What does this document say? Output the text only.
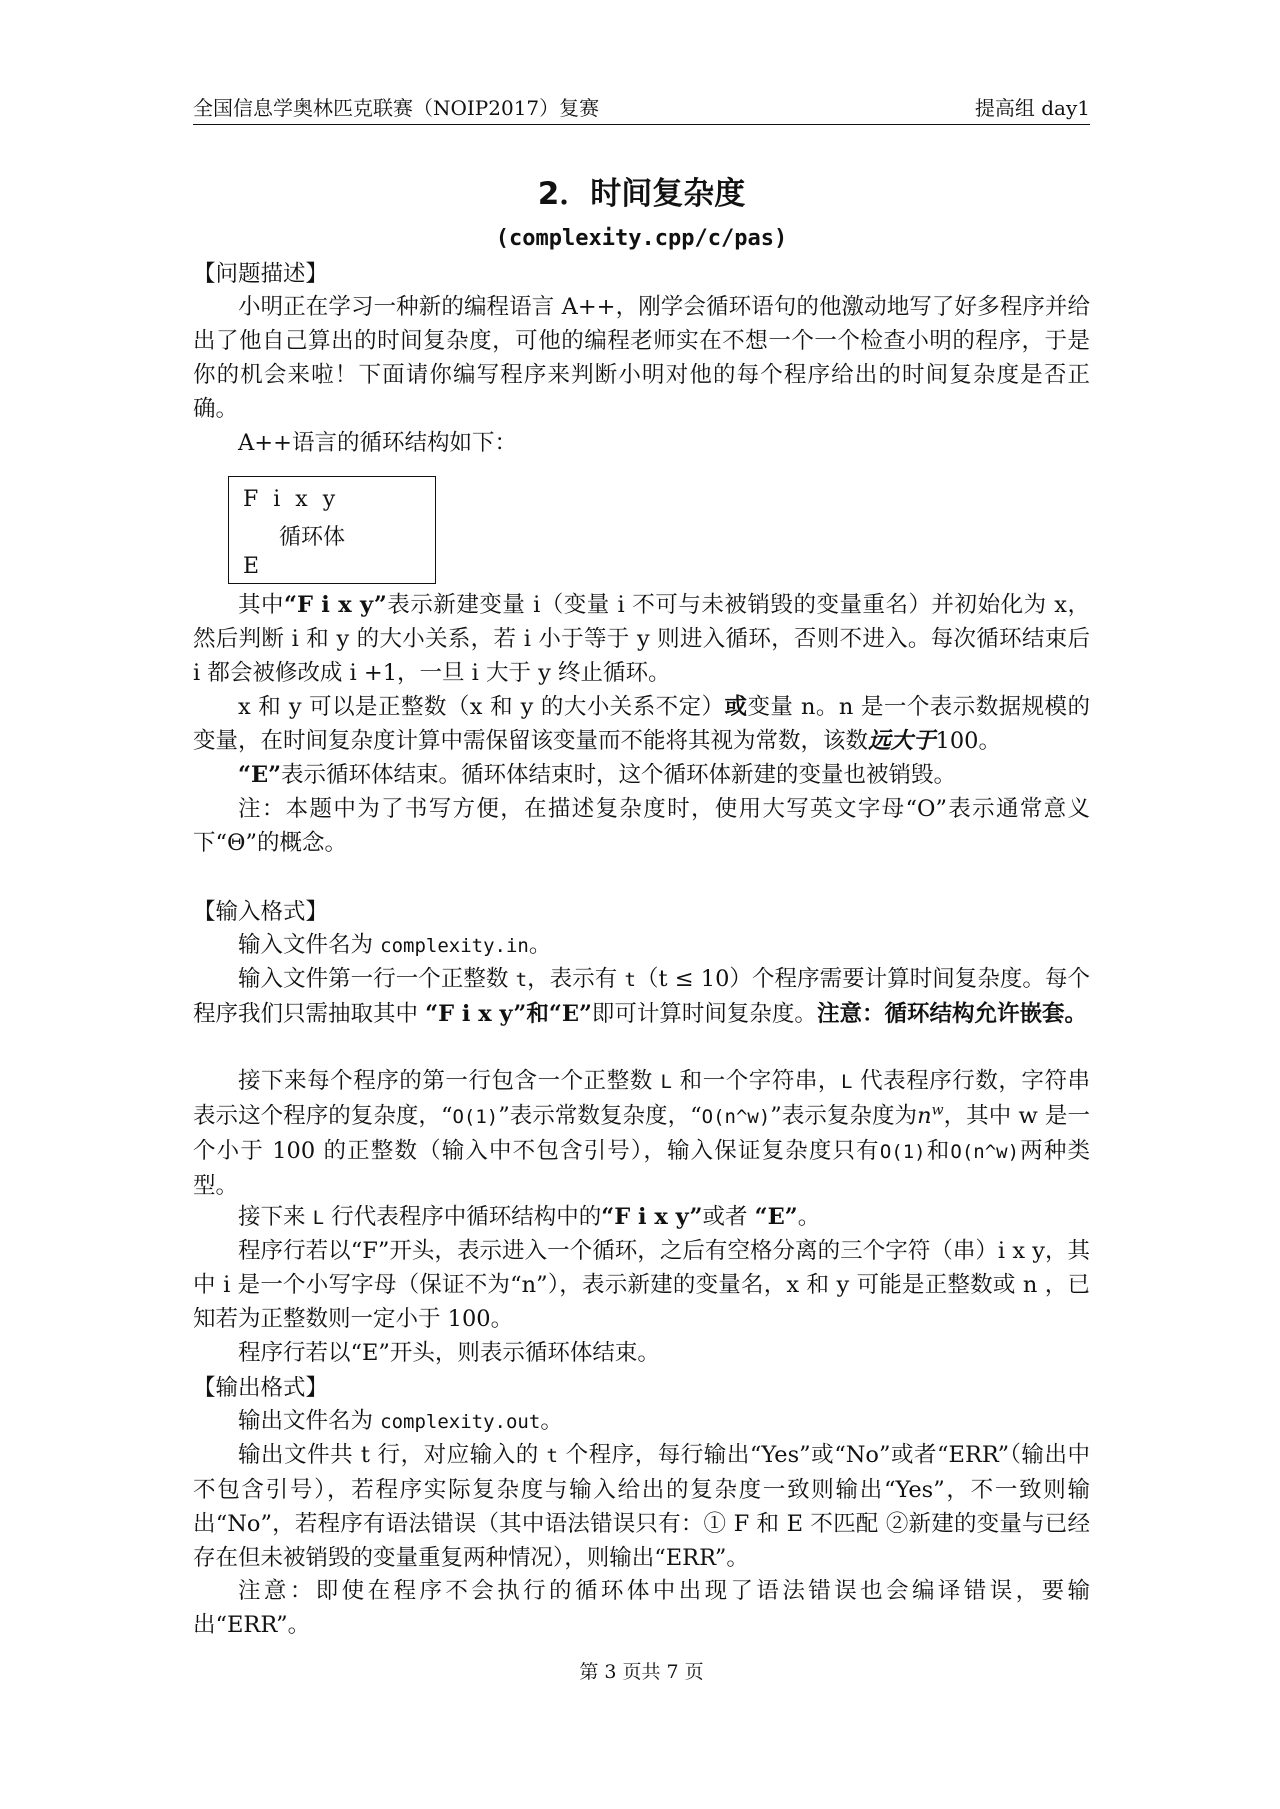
全国信息学奥林匹克联赛（NOIP2017）复赛	提高组 day1
2．时间复杂度
(complexity.cpp/c/pas)
【问题描述】

小明正在学习一种新的编程语言 A++，刚学会循环语句的他激动地写了好多程序并给出了他自己算出的时间复杂度，可他的编程老师实在不想一个一个检查小明的程序，于是你的机会来啦！下面请你编写程序来判断小明对他的每个程序给出的时间复杂度是否正确。

A++语言的循环结构如下：

F i x y
循环体
E

其中“F i x y”表示新建变量 i（变量 i 不可与未被销毁的变量重名）并初始化为 x，然后判断 i 和 y 的大小关系，若 i 小于等于 y 则进入循环，否则不进入。每次循环结束后 i 都会被修改成 i +1，一旦 i 大于 y 终止循环。

x 和 y 可以是正整数（x 和 y 的大小关系不定）或变量 n。n 是一个表示数据规模的变量，在时间复杂度计算中需保留该变量而不能将其视为常数，该数远大于100。

“E”表示循环体结束。循环体结束时，这个循环体新建的变量也被销毁。

注：本题中为了书写方便，在描述复杂度时，使用大写英文字母“O”表示通常意义下“Θ”的概念。

【输入格式】

输入文件名为 complexity.in。

输入文件第一行一个正整数 t，表示有 t（t ≤ 10）个程序需要计算时间复杂度。每个程序我们只需抽取其中 “F i x y”和“E”即可计算时间复杂度。注意：循环结构允许嵌套。

接下来每个程序的第一行包含一个正整数 L 和一个字符串，L 代表程序行数，字符串表示这个程序的复杂度，“O(1)”表示常数复杂度，“O(n^w)”表示复杂度为$n^w$，其中 w 是一个小于 100 的正整数（输入中不包含引号），输入保证复杂度只有O(1)和O(n^w)两种类型。

接下来 L 行代表程序中循环结构中的“F i x y”或者 “E”。

程序行若以“F”开头，表示进入一个循环，之后有空格分离的三个字符（串）i x y，其中 i 是一个小写字母（保证不为“n”），表示新建的变量名，x 和 y 可能是正整数或 n ，已知若为正整数则一定小于 100。

程序行若以“E”开头，则表示循环体结束。

【输出格式】

输出文件名为 complexity.out。

输出文件共 t 行，对应输入的 t 个程序，每行输出“Yes”或“No”或者“ERR”（输出中不包含引号），若程序实际复杂度与输入给出的复杂度一致则输出“Yes”，不一致则输出“No”，若程序有语法错误（其中语法错误只有：① F 和 E 不匹配 ②新建的变量与已经存在但未被销毁的变量重复两种情况），则输出“ERR”。

注意：即使在程序不会执行的循环体中出现了语法错误也会编译错误，要输出“ERR”。

第 3 页共 7 页
